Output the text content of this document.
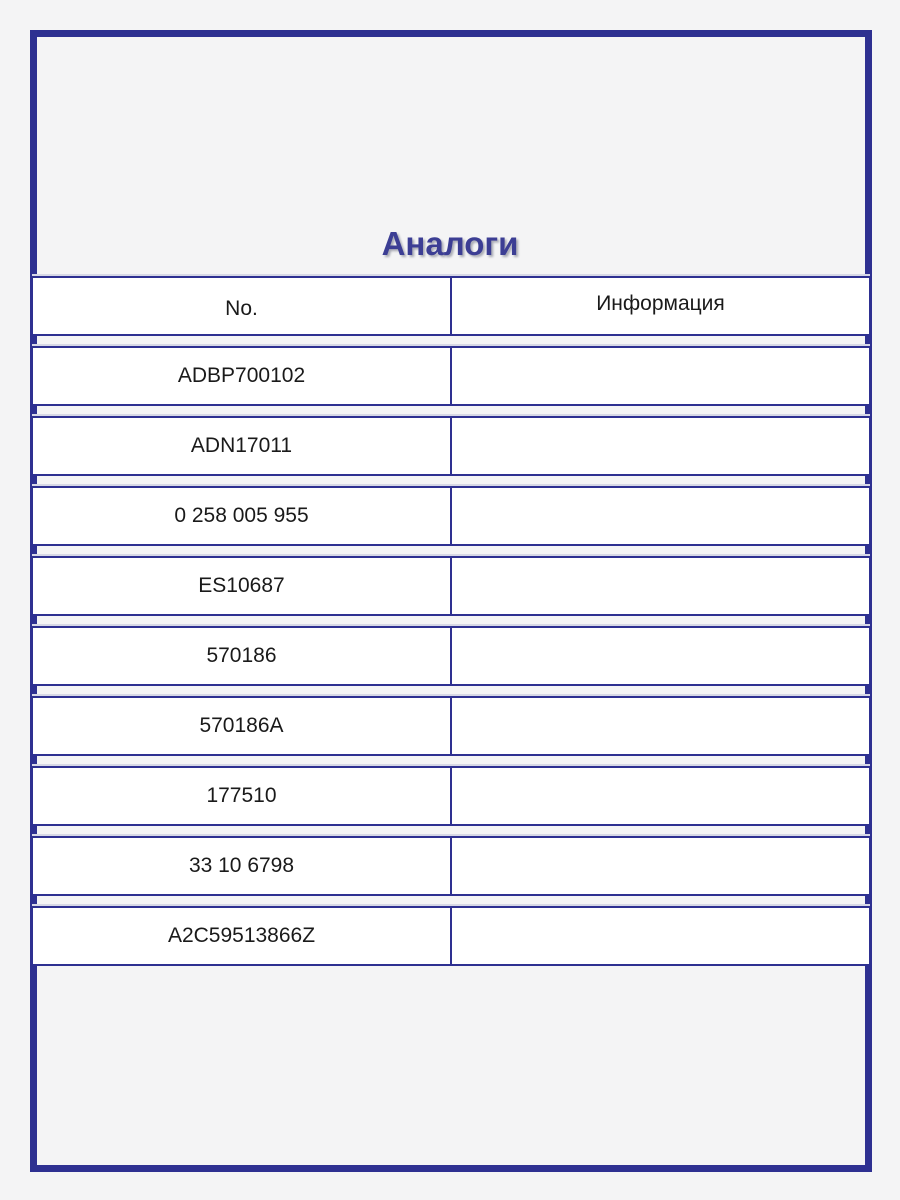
Аналоги
No.	Информация
ADBP700102
ADN17011
0 258 005 955
ES10687
570186
570186A
177510
33 10 6798
A2C59513866Z
